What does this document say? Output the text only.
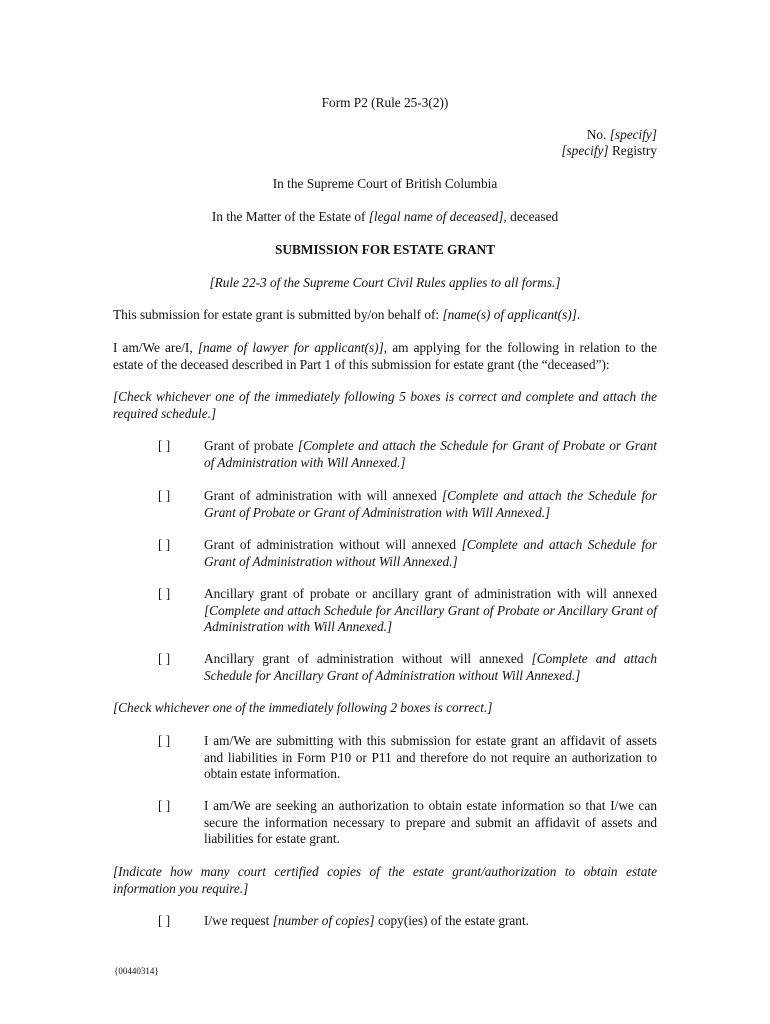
Form P2 (Rule 25-3(2))
No. [specify]
[specify] Registry
In the Supreme Court of British Columbia
In the Matter of the Estate of [legal name of deceased], deceased
SUBMISSION FOR ESTATE GRANT
[Rule 22-3 of the Supreme Court Civil Rules applies to all forms.]
This submission for estate grant is submitted by/on behalf of: [name(s) of applicant(s)].
I am/We are/I, [name of lawyer for applicant(s)], am applying for the following in relation to the estate of the deceased described in Part 1 of this submission for estate grant (the “deceased”):
[Check whichever one of the immediately following 5 boxes is correct and complete and attach the required schedule.]
[ ]	Grant of probate [Complete and attach the Schedule for Grant of Probate or Grant of Administration with Will Annexed.]
[ ]	Grant of administration with will annexed [Complete and attach the Schedule for Grant of Probate or Grant of Administration with Will Annexed.]
[ ]	Grant of administration without will annexed [Complete and attach Schedule for Grant of Administration without Will Annexed.]
[ ]	Ancillary grant of probate or ancillary grant of administration with will annexed [Complete and attach Schedule for Ancillary Grant of Probate or Ancillary Grant of Administration with Will Annexed.]
[ ]	Ancillary grant of administration without will annexed [Complete and attach Schedule for Ancillary Grant of Administration without Will Annexed.]
[Check whichever one of the immediately following 2 boxes is correct.]
[ ]	I am/We are submitting with this submission for estate grant an affidavit of assets and liabilities in Form P10 or P11 and therefore do not require an authorization to obtain estate information.
[ ]	I am/We are seeking an authorization to obtain estate information so that I/we can secure the information necessary to prepare and submit an affidavit of assets and liabilities for estate grant.
[Indicate how many court certified copies of the estate grant/authorization to obtain estate information you require.]
[ ]	I/we request [number of copies] copy(ies) of the estate grant.
{00440314}
